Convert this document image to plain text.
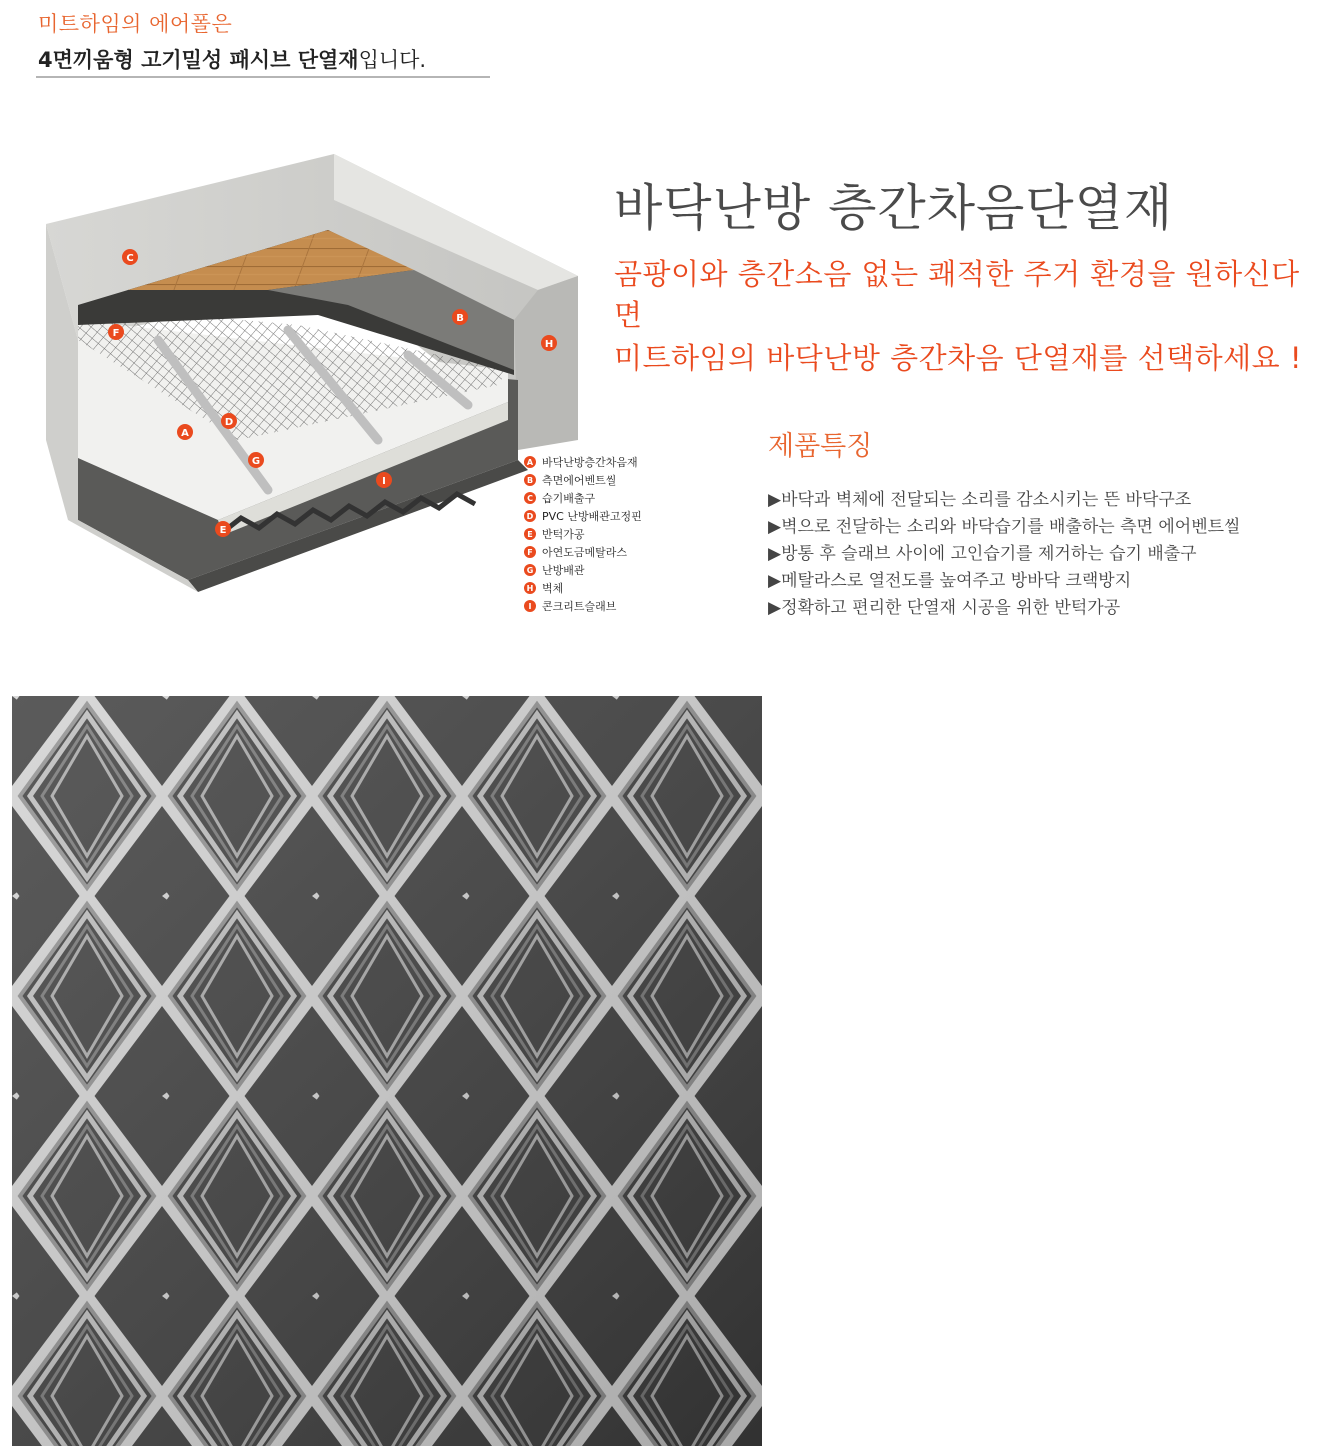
미트하임의 에어폴은
4면끼움형 고기밀성 패시브 단열재입니다.
C
F
B
H
A
D
G
I
E
A 바닥난방층간차음재
B 측면에어벤트씰
C 습기배출구
D PVC 난방배관고정핀
E 반턱가공
F 아연도금메탈라스
G 난방배관
H 벽체
I 콘크리트슬래브
바닥난방 층간차음단열재
곰팡이와 층간소음 없는 쾌적한 주거 환경을 원하신다면
미트하임의 바닥난방 층간차음 단열재를 선택하세요 !
제품특징
▶바닥과 벽체에 전달되는 소리를 감소시키는 뜬 바닥구조
▶벽으로 전달하는 소리와 바닥습기를 배출하는 측면 에어벤트씰
▶방통 후 슬래브 사이에 고인습기를 제거하는 습기 배출구
▶메탈라스로 열전도를 높여주고 방바닥 크랙방지
▶정확하고 편리한 단열재 시공을 위한 반턱가공
